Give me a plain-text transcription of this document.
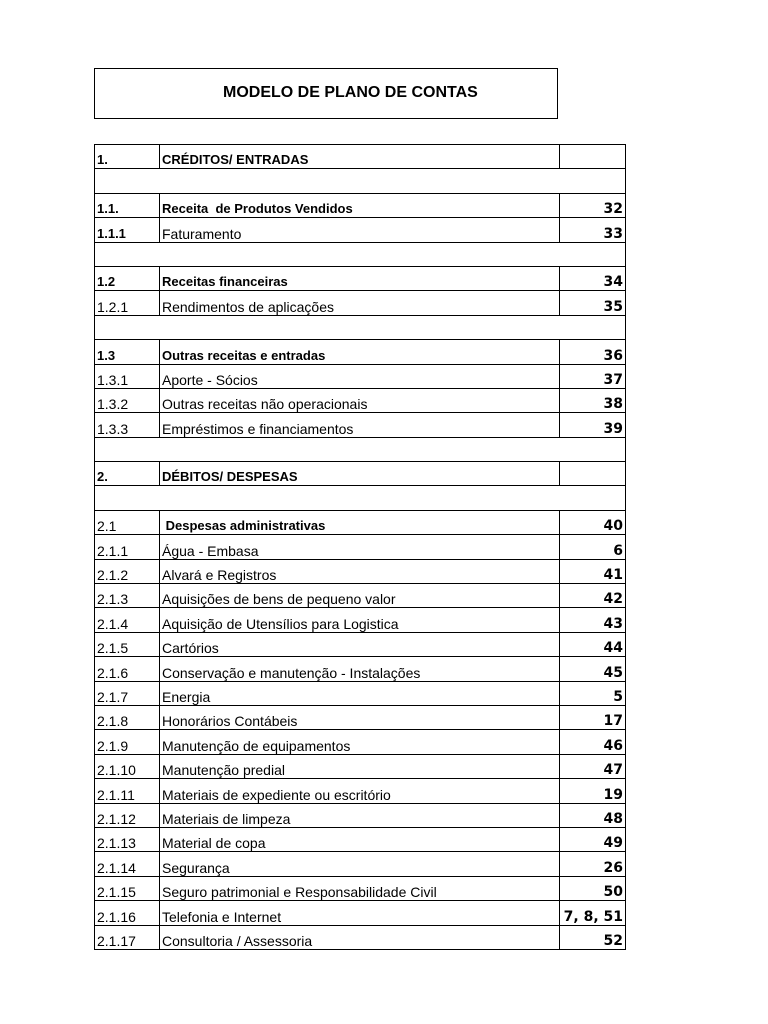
MODELO DE PLANO DE CONTAS
1.	CRÉDITOS/ ENTRADAS	

1.1.	Receita  de Produtos Vendidos	32
1.1.1	Faturamento	33

1.2	Receitas financeiras	34
1.2.1	Rendimentos de aplicações	35

1.3	Outras receitas e entradas	36
1.3.1	Aporte - Sócios	37
1.3.2	Outras receitas não operacionais	38
1.3.3	Empréstimos e financiamentos	39

2.	DÉBITOS/ DESPESAS	

2.1	Despesas administrativas	40
2.1.1	Água - Embasa	6
2.1.2	Alvará e Registros	41
2.1.3	Aquisições de bens de pequeno valor	42
2.1.4	Aquisição de Utensílios para Logistica	43
2.1.5	Cartórios	44
2.1.6	Conservação e manutenção - Instalações	45
2.1.7	Energia	5
2.1.8	Honorários Contábeis	17
2.1.9	Manutenção de equipamentos	46
2.1.10	Manutenção predial	47
2.1.11	Materiais de expediente ou escritório	19
2.1.12	Materiais de limpeza	48
2.1.13	Material de copa	49
2.1.14	Segurança	26
2.1.15	Seguro patrimonial e Responsabilidade Civil	50
2.1.16	Telefonia e Internet	7, 8, 51
2.1.17	Consultoria / Assessoria	52
